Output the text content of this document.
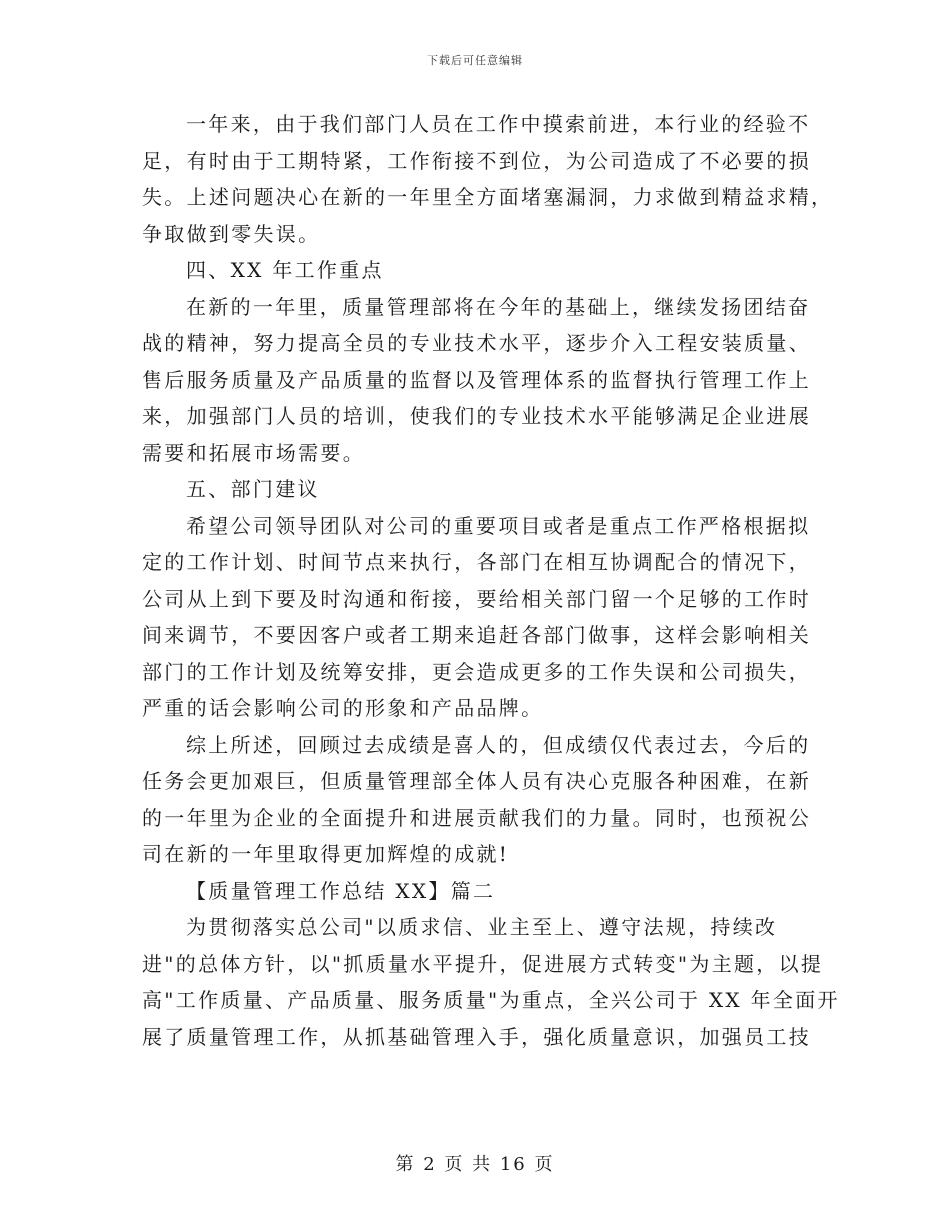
下载后可任意编辑
一年来，由于我们部门人员在工作中摸索前进，本行业的经验不
足，有时由于工期特紧，工作衔接不到位，为公司造成了不必要的损
失。上述问题决心在新的一年里全方面堵塞漏洞，力求做到精益求精，
争取做到零失误。
四、XX 年工作重点
在新的一年里，质量管理部将在今年的基础上，继续发扬团结奋
战的精神，努力提高全员的专业技术水平，逐步介入工程安装质量、
售后服务质量及产品质量的监督以及管理体系的监督执行管理工作上
来，加强部门人员的培训，使我们的专业技术水平能够满足企业进展
需要和拓展市场需要。
五、部门建议
希望公司领导团队对公司的重要项目或者是重点工作严格根据拟
定的工作计划、时间节点来执行，各部门在相互协调配合的情况下，
公司从上到下要及时沟通和衔接，要给相关部门留一个足够的工作时
间来调节，不要因客户或者工期来追赶各部门做事，这样会影响相关
部门的工作计划及统筹安排，更会造成更多的工作失误和公司损失，
严重的话会影响公司的形象和产品品牌。
综上所述，回顾过去成绩是喜人的，但成绩仅代表过去，今后的
任务会更加艰巨，但质量管理部全体人员有决心克服各种困难，在新
的一年里为企业的全面提升和进展贡献我们的力量。同时，也预祝公
司在新的一年里取得更加辉煌的成就!
【质量管理工作总结 XX】篇二
为贯彻落实总公司"以质求信、业主至上、遵守法规，持续改
进"的总体方针，以"抓质量水平提升，促进展方式转变"为主题，以提
高"工作质量、产品质量、服务质量"为重点，全兴公司于 XX 年全面开
展了质量管理工作，从抓基础管理入手，强化质量意识，加强员工技
第 2 页 共 16 页
